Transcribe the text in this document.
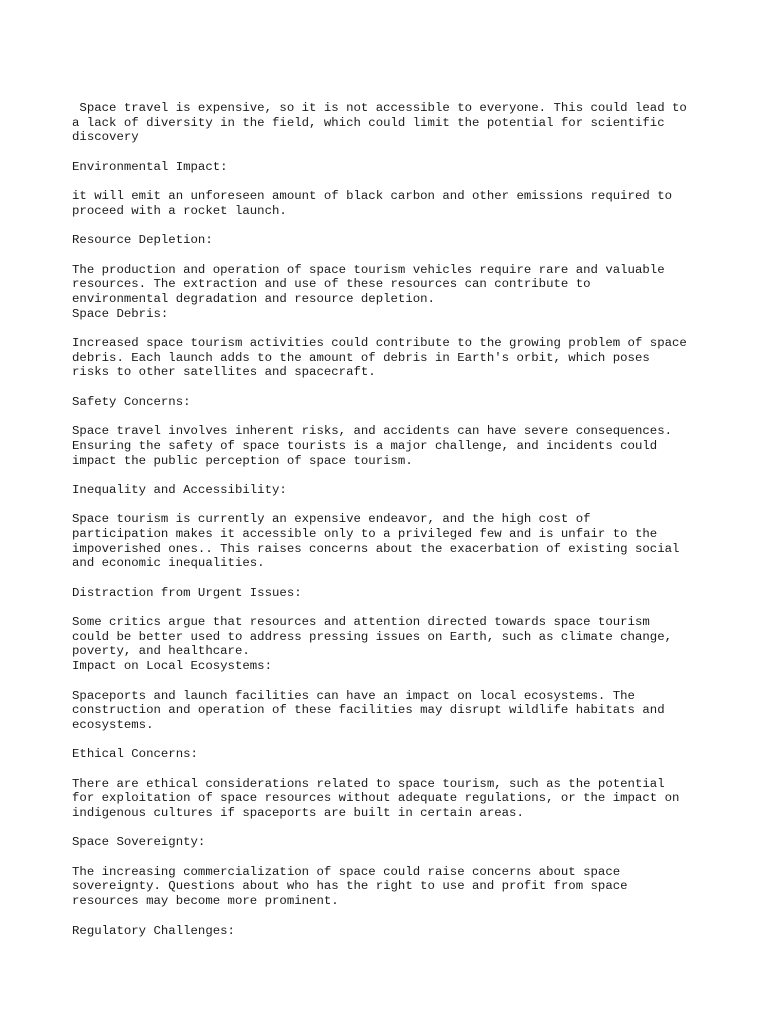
Space travel is expensive, so it is not accessible to everyone. This could lead to
a lack of diversity in the field, which could limit the potential for scientific
discovery
Environmental Impact:
it will emit an unforeseen amount of black carbon and other emissions required to
proceed with a rocket launch.
Resource Depletion:
The production and operation of space tourism vehicles require rare and valuable
resources. The extraction and use of these resources can contribute to
environmental degradation and resource depletion.
Space Debris:
Increased space tourism activities could contribute to the growing problem of space
debris. Each launch adds to the amount of debris in Earth's orbit, which poses
risks to other satellites and spacecraft.
Safety Concerns:
Space travel involves inherent risks, and accidents can have severe consequences.
Ensuring the safety of space tourists is a major challenge, and incidents could
impact the public perception of space tourism.
Inequality and Accessibility:
Space tourism is currently an expensive endeavor, and the high cost of
participation makes it accessible only to a privileged few and is unfair to the
impoverished ones.. This raises concerns about the exacerbation of existing social
and economic inequalities.
Distraction from Urgent Issues:
Some critics argue that resources and attention directed towards space tourism
could be better used to address pressing issues on Earth, such as climate change,
poverty, and healthcare.
Impact on Local Ecosystems:
Spaceports and launch facilities can have an impact on local ecosystems. The
construction and operation of these facilities may disrupt wildlife habitats and
ecosystems.
Ethical Concerns:
There are ethical considerations related to space tourism, such as the potential
for exploitation of space resources without adequate regulations, or the impact on
indigenous cultures if spaceports are built in certain areas.
Space Sovereignty:
The increasing commercialization of space could raise concerns about space
sovereignty. Questions about who has the right to use and profit from space
resources may become more prominent.
Regulatory Challenges:
